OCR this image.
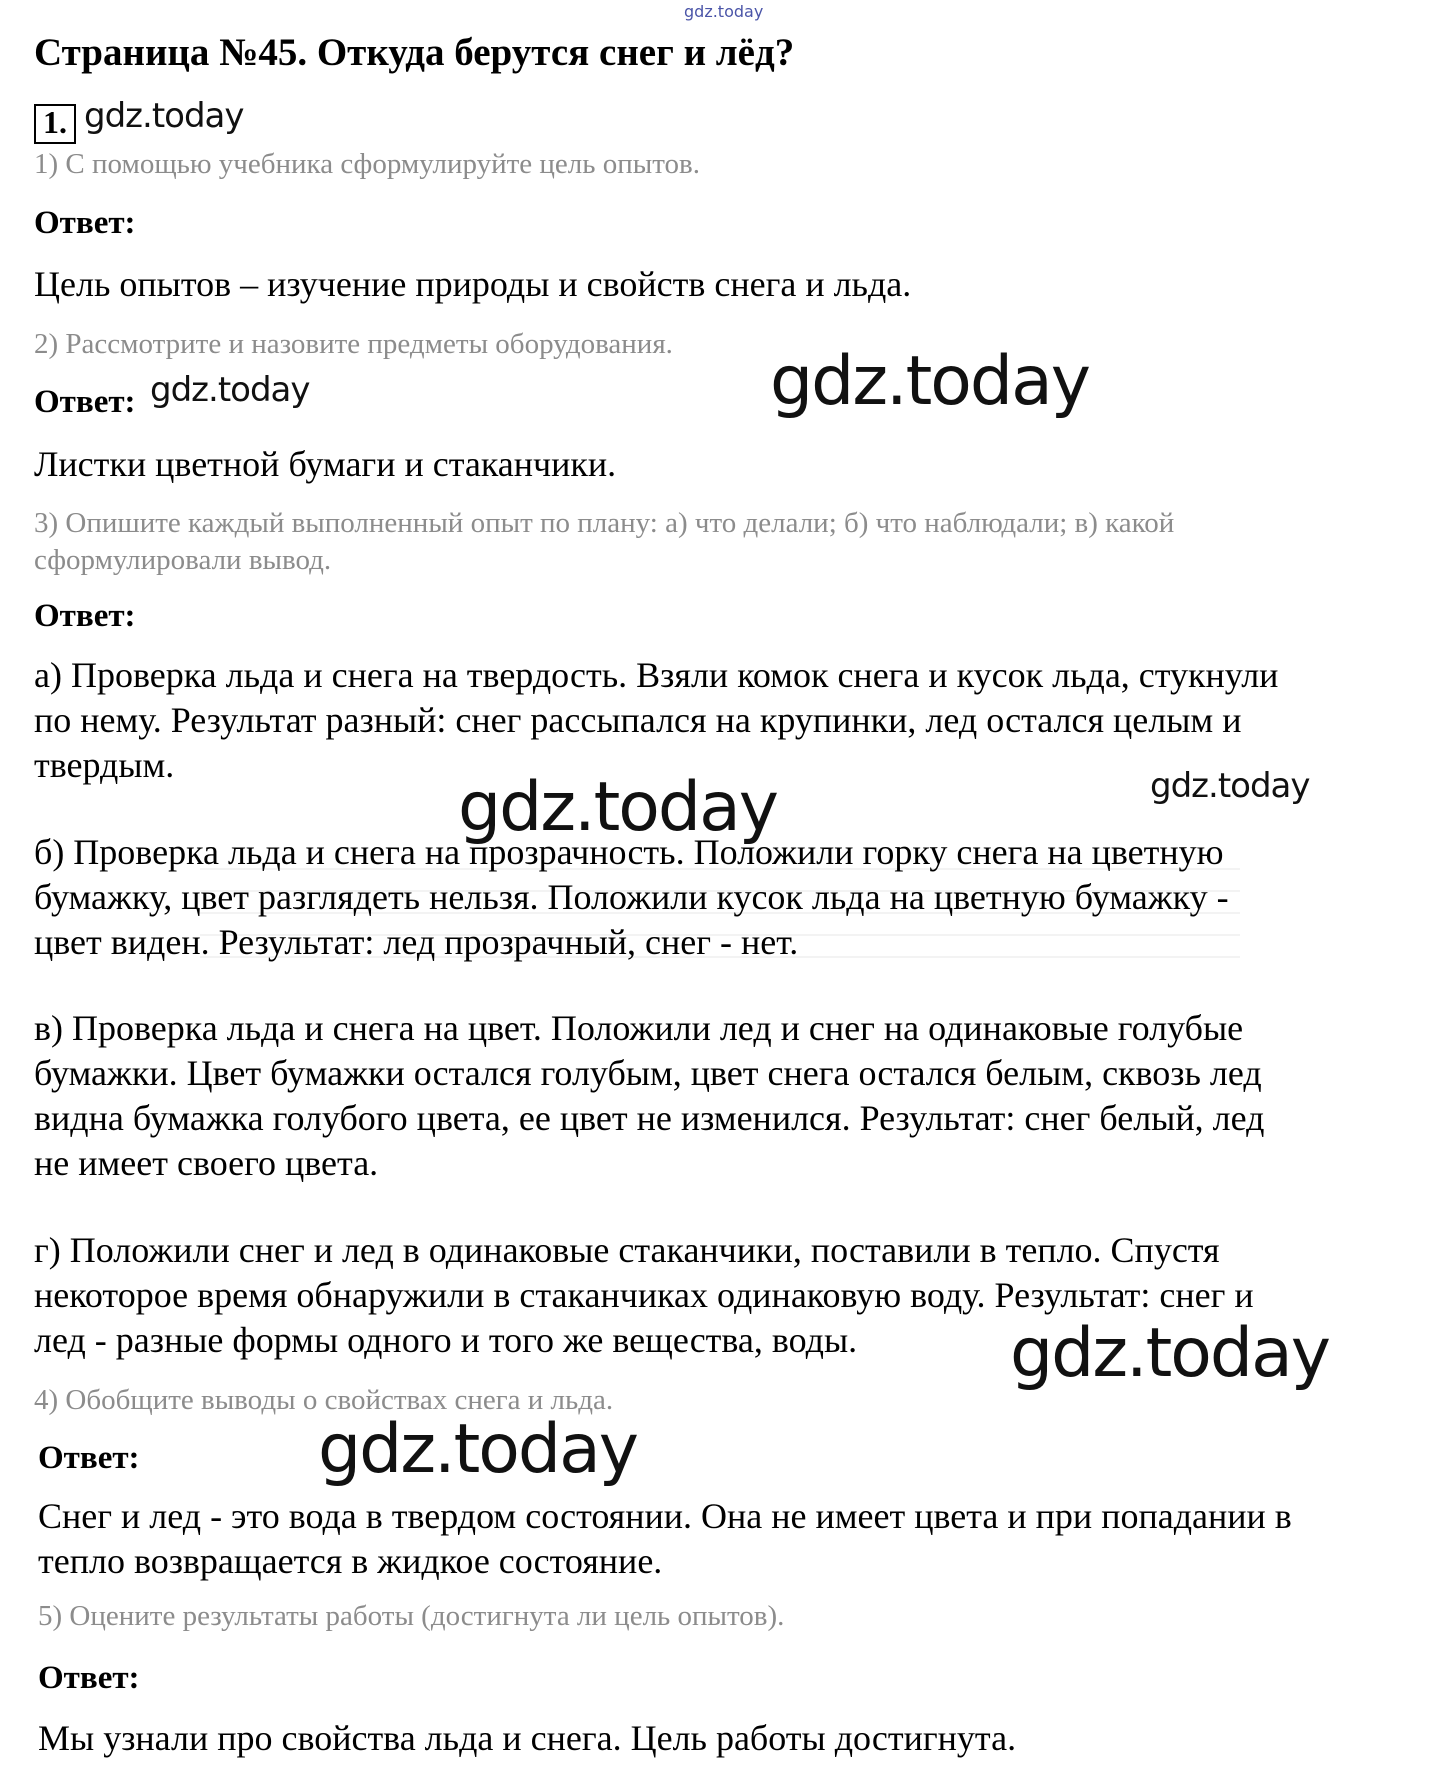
gdz.today
Страница №45. Откуда берутся снег и лёд?
1. gdz.today
1) С помощью учебника сформулируйте цель опытов.
Ответ:
Цель опытов – изучение природы и свойств снега и льда.
2) Рассмотрите и назовите предметы оборудования.
Ответ: gdz.today	gdz.today
Листки цветной бумаги и стаканчики.
3) Опишите каждый выполненный опыт по плану: а) что делали; б) что наблюдали; в) какой
сформулировали вывод.
Ответ:
а) Проверка льда и снега на твердость. Взяли комок снега и кусок льда, стукнули
по нему. Результат разный: снег рассыпался на крупинки, лед остался целым и
твердым.
gdz.today	gdz.today
б) Проверка льда и снега на прозрачность. Положили горку снега на цветную
бумажку, цвет разглядеть нельзя. Положили кусок льда на цветную бумажку -
цвет виден. Результат: лед прозрачный, снег - нет.
в) Проверка льда и снега на цвет. Положили лед и снег на одинаковые голубые
бумажки. Цвет бумажки остался голубым, цвет снега остался белым, сквозь лед
видна бумажка голубого цвета, ее цвет не изменился. Результат: снег белый, лед
не имеет своего цвета.
г) Положили снег и лед в одинаковые стаканчики, поставили в тепло. Спустя
некоторое время обнаружили в стаканчиках одинаковую воду. Результат: снег и
лед - разные формы одного и того же вещества, воды.	gdz.today
4) Обобщите выводы о свойствах снега и льда.
Ответ:	gdz.today
Снег и лед - это вода в твердом состоянии. Она не имеет цвета и при попадании в
тепло возвращается в жидкое состояние.
5) Оцените результаты работы (достигнута ли цель опытов).
Ответ:
Мы узнали про свойства льда и снега. Цель работы достигнута.
